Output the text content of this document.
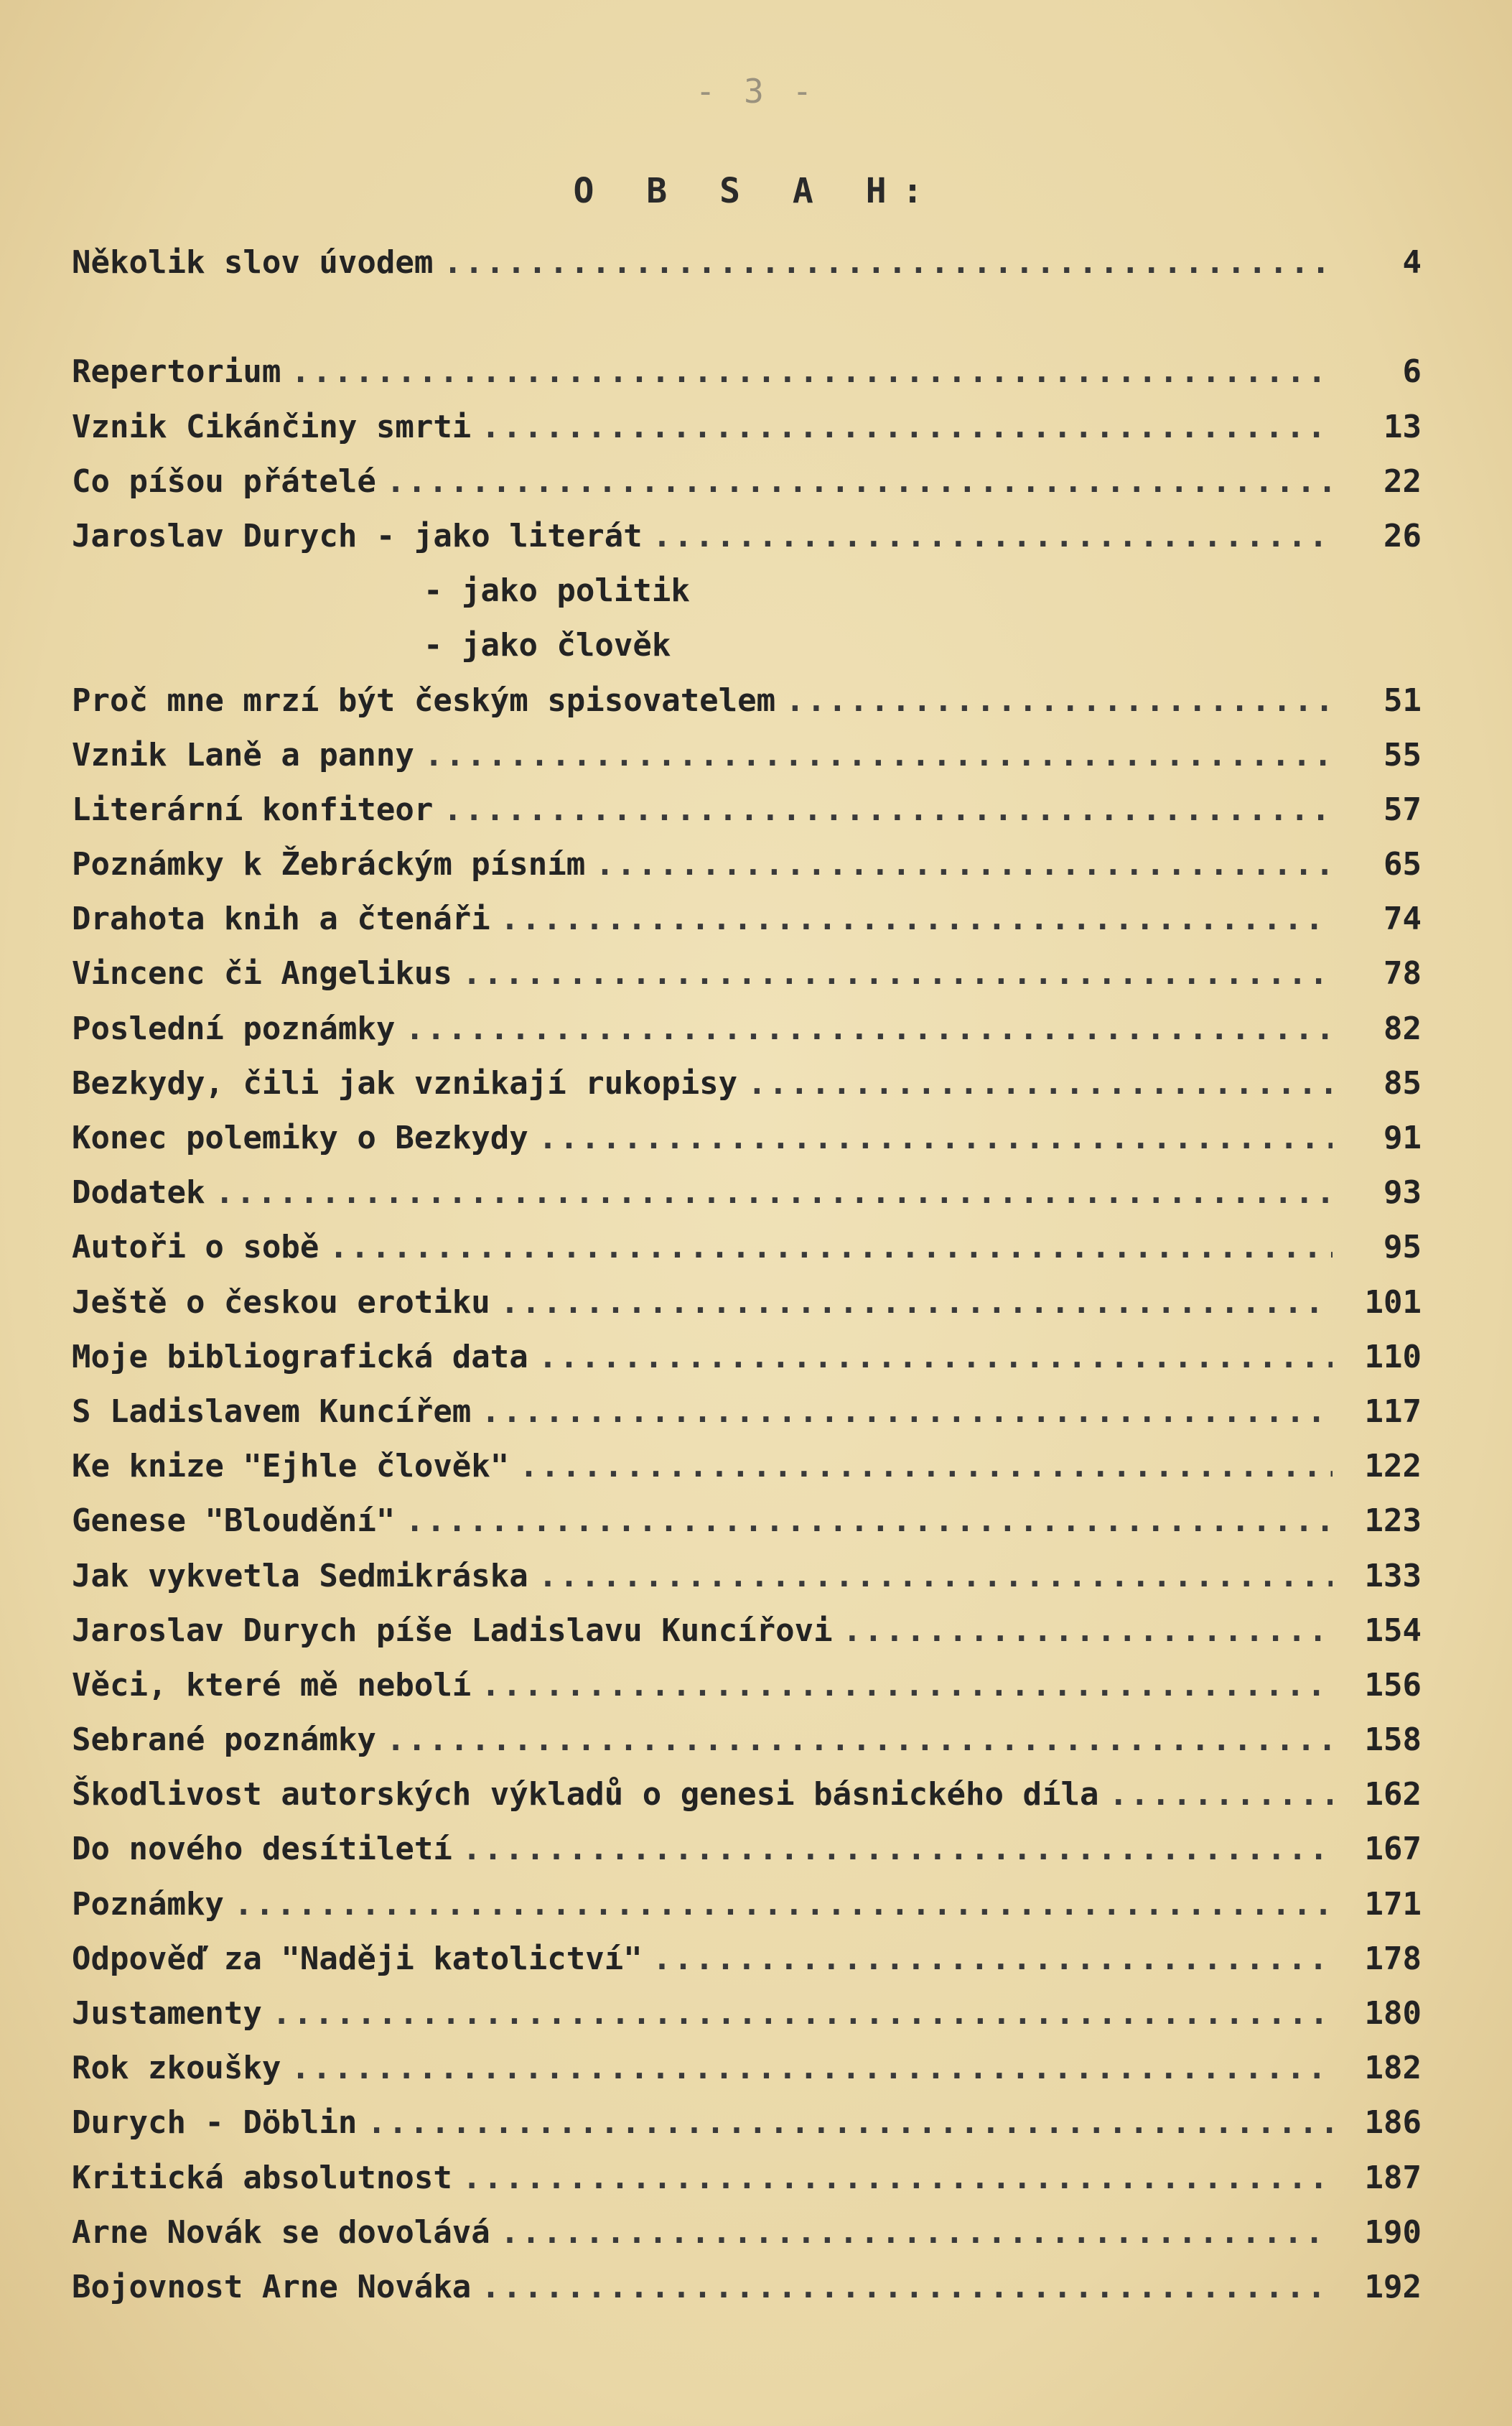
- 3 -
O B S A H:
Několik slov úvodem .....	4
Repertorium .....	6
Vznik Cikánčiny smrti .....	13
Co píšou přátelé .....	22
Jaroslav Durych - jako literát .....	26
- jako politik
- jako člověk
Proč mne mrzí být českým spisovatelem .....	51
Vznik Laně a panny .....	55
Literární konfiteor .....	57
Poznámky k Žebráckým písním .....	65
Drahota knih a čtenáři .....	74
Vincenc či Angelikus .....	78
Poslední poznámky .....	82
Bezkydy, čili jak vznikají rukopisy .....	85
Konec polemiky o Bezkydy .....	91
Dodatek .....	93
Autoři o sobě .....	95
Ještě o českou erotiku .....	101
Moje bibliografická data .....	110
S Ladislavem Kuncířem .....	117
Ke knize "Ejhle člověk" .....	122
Genese "Bloudění" .....	123
Jak vykvetla Sedmikráska .....	133
Jaroslav Durych píše Ladislavu Kuncířovi .....	154
Věci, které mě nebolí .....	156
Sebrané poznámky .....	158
Škodlivost autorských výkladů o genesi básnického díla .....	162
Do nového desítiletí .....	167
Poznámky .....	171
Odpověď za "Naději katolictví" .....	178
Justamenty .....	180
Rok zkoušky .....	182
Durych - Döblin .....	186
Kritická absolutnost .....	187
Arne Novák se dovolává .....	190
Bojovnost Arne Nováka .....	192
